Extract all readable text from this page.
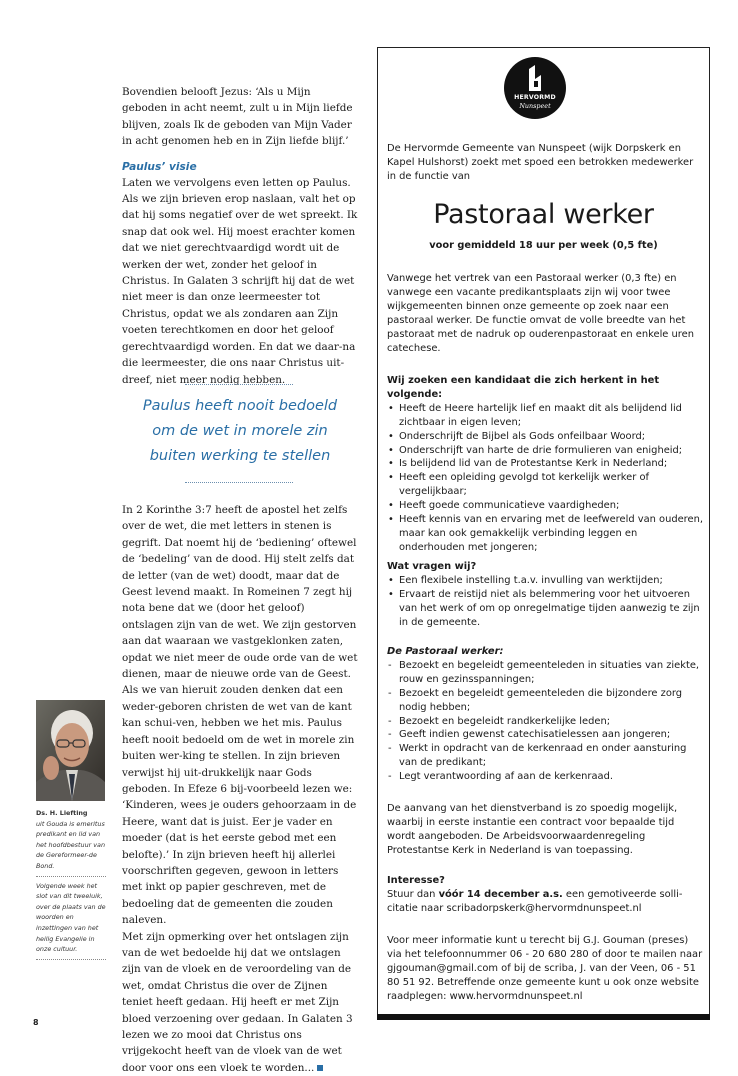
Bovendien belooft Jezus: ‘Als u Mijn geboden in acht neemt, zult u in Mijn liefde blijven, zoals Ik de geboden van Mijn Vader in acht genomen heb en in Zijn liefde blijf.’

Paulus’ visie

Laten we vervolgens even letten op Paulus. Als we zijn brieven erop naslaan, valt het op dat hij soms negatief over de wet spreekt. Ik snap dat ook wel. Hij moest erachter komen dat we niet gerechtvaardigd wordt uit de werken der wet, zonder het geloof in Christus. In Galaten 3 schrijft hij dat de wet niet meer is dan onze leermeester tot Christus, opdat we als zondaren aan Zijn voeten terechtkomen en door het geloof gerechtvaardigd worden. En dat we daar-na die leermeester, die ons naar Christus uit-dreef, niet meer nodig hebben.

Paulus heeft nooit bedoeld om de wet in morele zin buiten werking te stellen

In 2 Korinthe 3:7 heeft de apostel het zelfs over de wet, die met letters in stenen is gegrift. Dat noemt hij de ‘bediening’ oftewel de ‘bedeling’ van de dood. Hij stelt zelfs dat de letter (van de wet) doodt, maar dat de Geest levend maakt. In Romeinen 7 zegt hij nota bene dat we (door het geloof) ontslagen zijn van de wet. We zijn gestorven aan dat waaraan we vastgeklonken zaten, opdat we niet meer de oude orde van de wet dienen, maar de nieuwe orde van de Geest. Als we van hieruit zouden denken dat een weder-geboren christen de wet van de kant kan schui-ven, hebben we het mis. Paulus heeft nooit bedoeld om de wet in morele zin buiten wer-king te stellen. In zijn brieven verwijst hij uit-drukkelijk naar Gods geboden. In Efeze 6 bij-voorbeeld lezen we: ‘Kinderen, wees je ouders gehoorzaam in de Heere, want dat is juist. Eer je vader en moeder (dat is het eerste gebod met een belofte).’ In zijn brieven heeft hij allerlei voorschriften gegeven, gewoon in letters met inkt op papier geschreven, met de bedoeling dat de gemeenten die zouden naleven.

Met zijn opmerking over het ontslagen zijn van de wet bedoelde hij dat we ontslagen zijn van de vloek en de veroordeling van de wet, omdat Christus die over de Zijnen teniet heeft gedaan. Hij heeft er met Zijn bloed verzoening over gedaan. In Galaten 3 lezen we zo mooi dat Christus ons vrijgekocht heeft van de vloek van de wet door voor ons een vloek te worden...

Ds. H. Liefting
uit Gouda is emeritus predikant en lid van het hoofdbestuur van de Gereformeer-de Bond.
Volgende week het slot van dit tweeluik, over de plaats van de woorden en inzettingen van het heilig Evangelie in onze cultuur.
8
HERVORMD
Nunspeet
De Hervormde Gemeente van Nunspeet (wijk Dorpskerk en Kapel Hulshorst) zoekt met spoed een betrokken medewerker in de functie van
Pastoraal werker
voor gemiddeld 18 uur per week (0,5 fte)
Vanwege het vertrek van een Pastoraal werker (0,3 fte) en vanwege een vacante predikantsplaats zijn wij voor twee wijkgemeenten binnen onze gemeente op zoek naar een pastoraal werker. De functie omvat de volle breedte van het pastoraat met de nadruk op ouderenpastoraat en enkele uren catechese.

Wij zoeken een kandidaat die zich herkent in het volgende:

• Heeft de Heere hartelijk lief en maakt dit als belijdend lid zichtbaar in eigen leven;
• Onderschrijft de Bijbel als Gods onfeilbaar Woord;
• Onderschrijft van harte de drie formulieren van enigheid;
• Is belijdend lid van de Protestantse Kerk in Nederland;
• Heeft een opleiding gevolgd tot kerkelijk werker of vergelijkbaar;
• Heeft goede communicatieve vaardigheden;
• Heeft kennis van en ervaring met de leefwereld van ouderen, maar kan ook gemakkelijk verbinding leggen en onderhouden met jongeren;

Wat vragen wij?

• Een flexibele instelling t.a.v. invulling van werktijden;
• Ervaart de reistijd niet als belemmering voor het uitvoeren van het werk of om op onregelmatige tijden aanwezig te zijn in de gemeente.

De Pastoraal werker:

- Bezoekt en begeleidt gemeenteleden in situaties van ziekte, rouw en gezinsspanningen;
- Bezoekt en begeleidt gemeenteleden die bijzondere zorg nodig hebben;
- Bezoekt en begeleidt randkerkelijke leden;
- Geeft indien gewenst catechisatielessen aan jongeren;
- Werkt in opdracht van de kerkenraad en onder aansturing van de predikant;
- Legt verantwoording af aan de kerkenraad.
De aanvang van het dienstverband is zo spoedig mogelijk, waarbij in eerste instantie een contract voor bepaalde tijd wordt aangeboden. De Arbeidsvoorwaardenregeling Protestantse Kerk in Nederland is van toepassing.

Interesse?

Stuur dan vóór 14 december a.s. een gemotiveerde solli-citatie naar scribadorpskerk@hervormdnunspeet.nl

Voor meer informatie kunt u terecht bij G.J. Gouman (preses) via het telefoonnummer 06 - 20 680 280 of door te mailen naar gjgouman@gmail.com of bij de scriba, J. van der Veen, 06 - 51 80 51 92. Betreffende onze gemeente kunt u ook onze website raadplegen: www.hervormdnunspeet.nl
